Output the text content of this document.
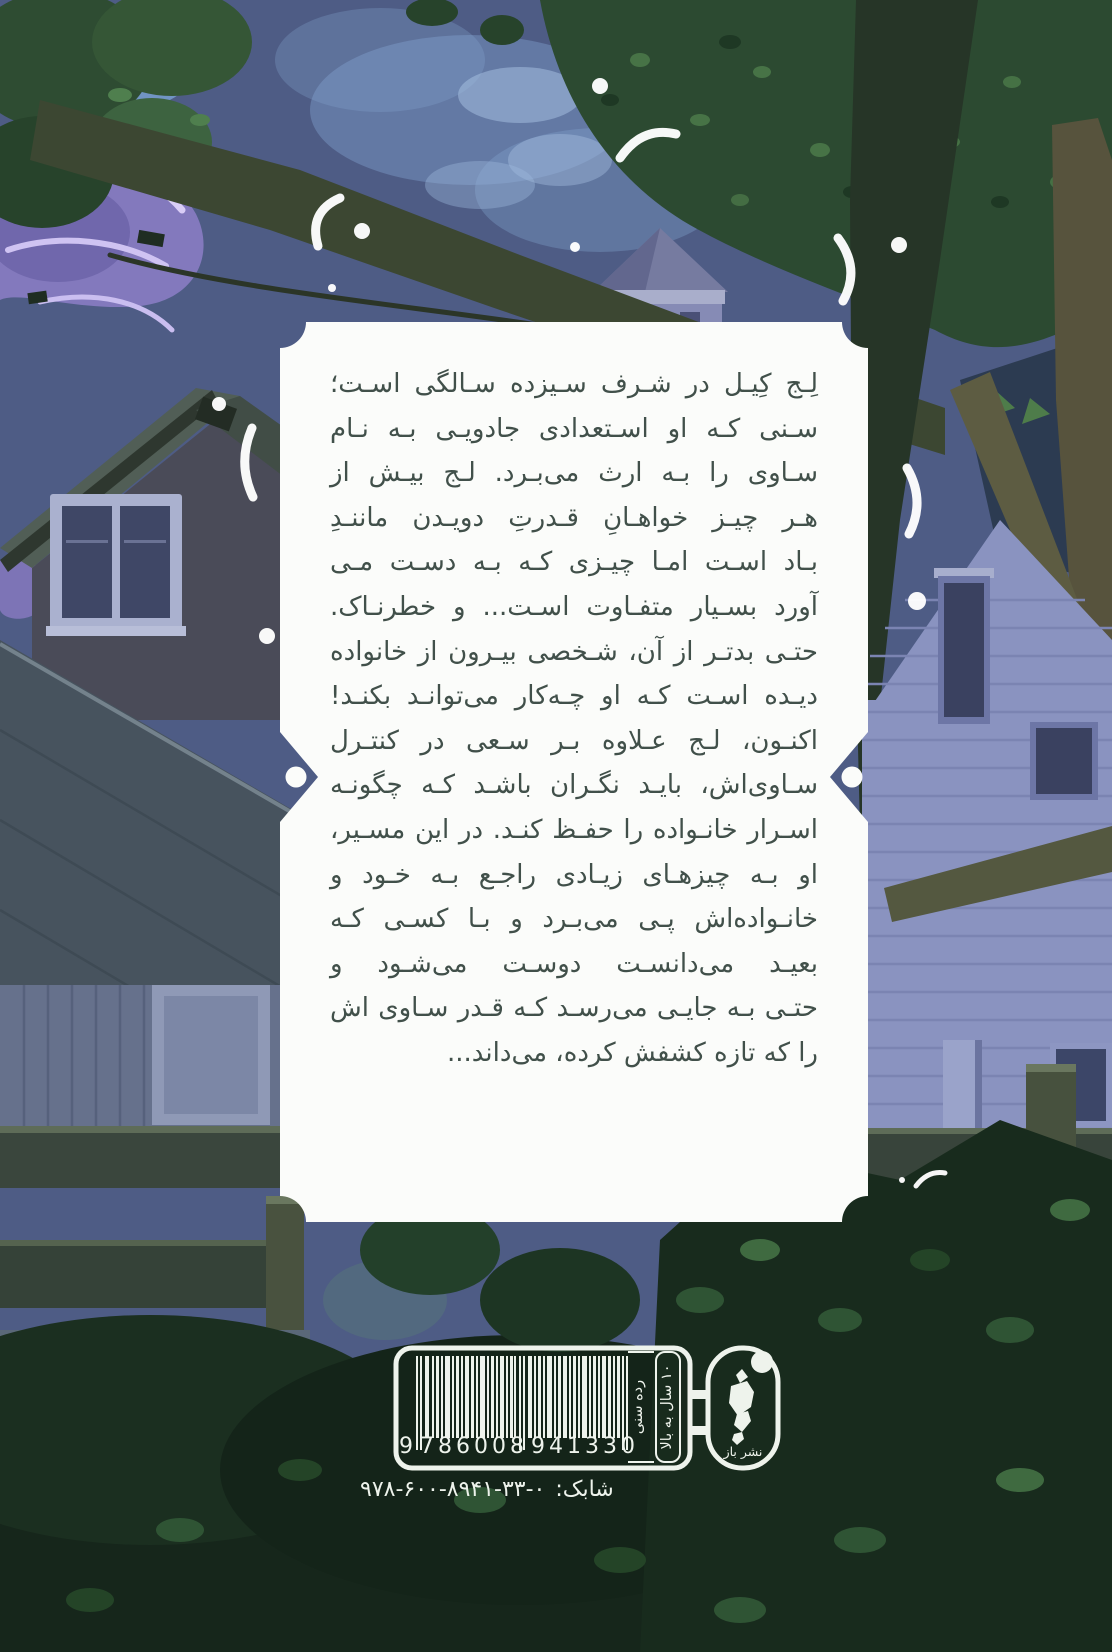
لِـج کِیـل در شـرف سـیزده سـالگی اسـت؛
سـنی کـه او اسـتعدادی جادویـی بـه نـام
سـاوی را بـه ارث می‌بـرد. لـج بیـش از
هـر چیـز خواهـانِ قـدرتِ دویـدن ماننـدِ
بـاد اسـت امـا چیـزی کـه بـه دسـت مـی
آورد بسـیار متفـاوت اسـت... و خطرنـاک.
حتـی بدتـر از آن، شـخصی بیـرون از خانواده
دیـده اسـت کـه او چـه‌کار می‌توانـد بکنـد!
اکنـون، لـج عـلاوه بـر سـعی در کنتـرل
سـاوی‌اش، بایـد نگـران باشـد کـه چگونـه
اسـرار خانـواده را حفـظ کنـد. در این مسـیر،
او بـه چیزهـای زیـادی راجـع بـه خـود و
خانـواده‌اش پـی می‌بـرد و بـا کسـی کـه
بعیـد می‌دانسـت دوسـت می‌شـود و
حتـی بـه جایـی می‌رسـد کـه قـدر سـاوی اش
را که تازه کشفش کرده، می‌داند...
9 786008 941330
رده سنی ۱۰ سال به بالا
شابک: ۹۷۸-۶۰۰-۸۹۴۱-۳۳-۰
نشر باز
